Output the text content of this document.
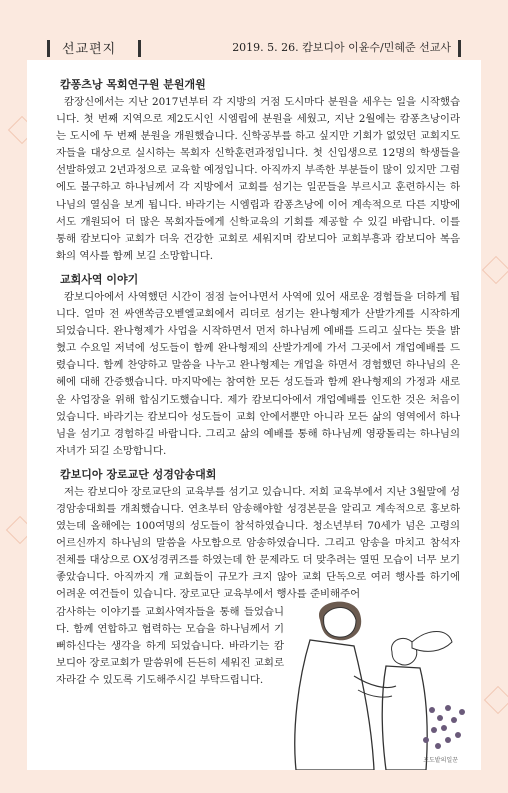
선교편지	2019. 5. 26. 캄보디아 이윤수/민혜준 선교사
캄퐁츠낭 목회연구원 분원개원

캄장신에서는 지난 2017년부터 각 지방의 거점 도시마다 분원을 세우는 일을 시작했습니다. 첫 번째 지역으로 제2도시인 시엠립에 분원을 세웠고, 지난 2월에는 캄퐁츠낭이라는 도시에 두 번째 분원을 개원했습니다. 신학공부를 하고 싶지만 기회가 없었던 교회지도자들을 대상으로 실시하는 목회자 신학훈련과정입니다. 첫 신입생으로 12명의 학생들을 선발하였고 2년과정으로 교육할 예정입니다. 아직까지 부족한 부분들이 많이 있지만 그럼에도 불구하고 하나님께서 각 지방에서 교회를 섬기는 일꾼들을 부르시고 훈련하시는 하나님의 열심을 보게 됩니다. 바라기는 시엠립과 캄퐁츠낭에 이어 계속적으로 다른 지방에서도 개원되어 더 많은 목회자들에게 신학교육의 기회를 제공할 수 있길 바랍니다. 이를 통해 캄보디아 교회가 더욱 건강한 교회로 세워지며 캄보디아 교회부흥과 캄보디아 복음화의 역사를 함께 보길 소망합니다.

교회사역 이야기

캄보디아에서 사역했던 시간이 점점 늘어나면서 사역에 있어 새로운 경험들을 더하게 됩니다. 얼마 전 싸앤쏙금오벧엘교회에서 리더로 섬기는 완나형제가 산발가게를 시작하게 되었습니다. 완나형제가 사업을 시작하면서 먼저 하나님께 예배를 드리고 싶다는 뜻을 밝혔고 수요일 저녁에 성도들이 함께 완나형제의 산발가게에 가서 그곳에서 개업예배를 드렸습니다. 함께 찬양하고 말씀을 나누고 완나형제는 개업을 하면서 경험했던 하나님의 은혜에 대해 간증했습니다. 마지막에는 참여한 모든 성도들과 함께 완나형제의 가정과 새로운 사업장을 위해 합심기도했습니다. 제가 캄보디아에서 개업예배를 인도한 것은 처음이었습니다. 바라기는 캄보디아 성도들이 교회 안에서뿐만 아니라 모든 삶의 영역에서 하나님을 섬기고 경험하길 바랍니다. 그리고 삶의 예배를 통해 하나님께 영광돌리는 하나님의 자녀가 되길 소망합니다.

캄보디아 장로교단 성경암송대회

저는 캄보디아 장로교단의 교육부를 섬기고 있습니다. 저희 교육부에서 지난 3월말에 성경암송대회를 개최했습니다. 연초부터 암송해야할 성경본문을 알리고 계속적으로 홍보하였는데 올해에는 100여명의 성도들이 참석하였습니다. 청소년부터 70세가 넘은 고령의 어르신까지 하나님의 말씀을 사모함으로 암송하였습니다. 그리고 암송을 마치고 참석자 전체를 대상으로 OX성경퀴즈를 하였는데 한 문제라도 더 맞추려는 열띤 모습이 너무 보기 좋았습니다. 아직까지 개 교회들이 규모가 크지 않아 교회 단독으로 여러 행사를 하기에 어려운 여건들이 있습니다. 장로교단 교육부에서 행사를 준비해주어

감사하는 이야기를 교회사역자들을 통해 들었습니다. 함께 연합하고 협력하는 모습을 하나님께서 기뻐하신다는 생각을 하게 되었습니다. 바라기는 캄보디아 장로교회가 말씀위에 든든히 세워진 교회로 자라갈 수 있도록 기도해주시길 부탁드립니다.

포도밭의일꾼
